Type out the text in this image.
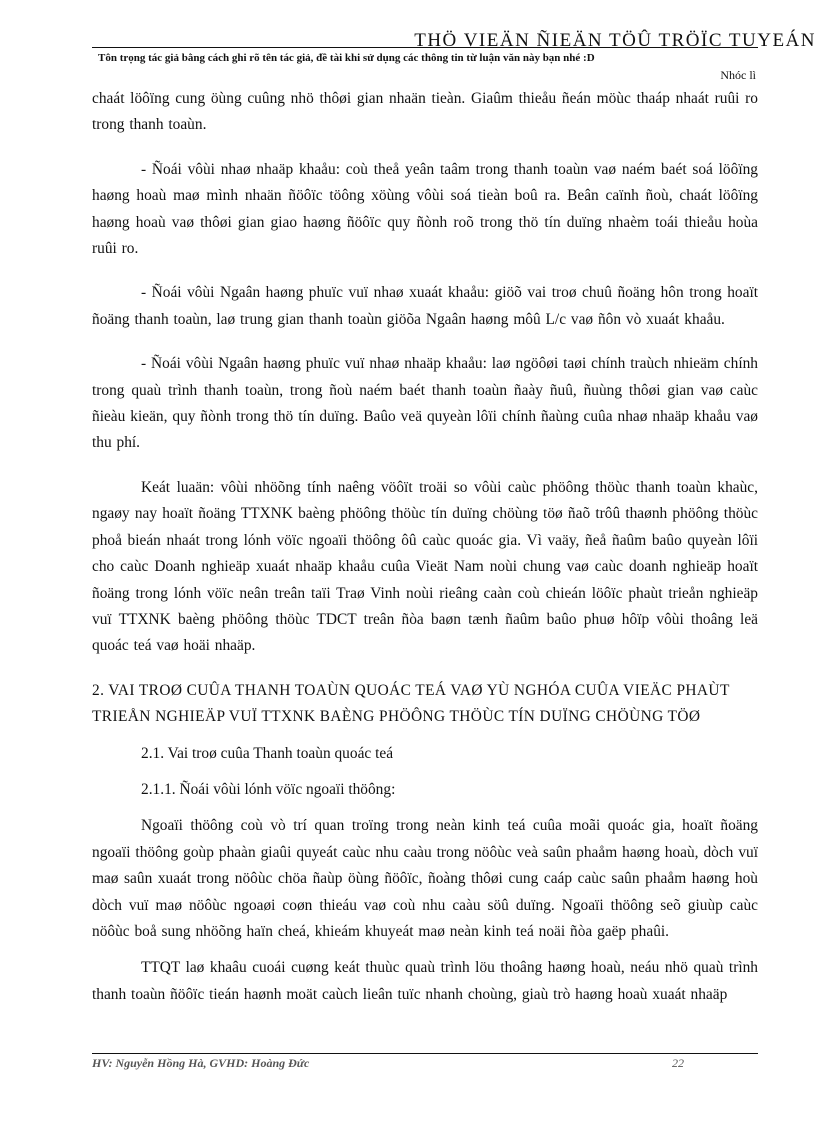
THÖ VIEÄN ÑIEÄN TÖÛ TRÖÏC TUYEÁN
Tôn trọng tác giả bằng cách ghi rõ tên tác giả, đề tài khi sử dụng các thông tin từ luận văn này bạn nhé :D
Nhóc lì

chaát löôïng cung öùng cuûng nhö thôøi gian nhaän tieàn. Giaûm thieåu ñeán möùc thaáp nhaát ruûi ro trong thanh toaùn.

- Ñoái vôùi nhaø nhaäp khaåu: coù theå yeân taâm trong thanh toaùn vaø naém baét soá löôïng haøng hoaù maø mình nhaän ñöôïc töông xöùng vôùi soá tieàn boû ra. Beân caïnh ñoù, chaát löôïng haøng hoaù vaø thôøi gian giao haøng ñöôïc quy ñònh roõ trong thö tín duïng nhaèm toái thieåu hoùa ruûi ro.

- Ñoái vôùi Ngaân haøng phuïc vuï nhaø xuaát khaåu: giöõ vai troø chuû ñoäng hôn trong hoaït ñoäng thanh toaùn, laø trung gian thanh toaùn giöõa Ngaân haøng môû L/c vaø ñôn vò xuaát khaåu.

- Ñoái vôùi Ngaân haøng phuïc vuï nhaø nhaäp khaåu: laø ngöôøi taøi chính traùch nhieäm chính trong quaù trình thanh toaùn, trong ñoù naém baét thanh toaùn ñaày ñuû, ñuùng thôøi gian vaø caùc ñieàu kieän, quy ñònh trong thö tín duïng. Baûo veä quyeàn lôïi chính ñaùng cuûa nhaø nhaäp khaåu vaø thu phí.

Keát luaän: vôùi nhöõng tính naêng vöôït troäi so vôùi caùc phöông thöùc thanh toaùn khaùc, ngaøy nay hoaït ñoäng TTXNK baèng phöông thöùc tín duïng chöùng töø ñaõ trôû thaønh phöông thöùc phoå bieán nhaát trong lónh vöïc ngoaïi thöông ôû caùc quoác gia. Vì vaäy, ñeå ñaûm baûo quyeàn lôïi cho caùc Doanh nghieäp xuaát nhaäp khaåu cuûa Vieät Nam noùi chung vaø caùc doanh nghieäp hoaït ñoäng trong lónh vöïc neân treân taïi Traø Vinh noùi rieâng caàn coù chieán löôïc phaùt trieån nghieäp vuï TTXNK baèng phöông thöùc TDCT treân ñòa baøn tænh ñaûm baûo phuø hôïp vôùi thoâng leä quoác teá vaø hoäi nhaäp.

2. VAI TROØ CUÛA THANH TOAÙN QUOÁC TEÁ VAØ YÙ NGHÓA CUÛA VIEÄC PHAÙT TRIEÅN NGHIEÄP VUÏ TTXNK BAÈNG PHÖÔNG THÖÙC TÍN DUÏNG CHÖÙNG TÖØ

2.1. Vai troø cuûa Thanh toaùn quoác teá

2.1.1. Ñoái vôùi lónh vöïc ngoaïi thöông:

Ngoaïi thöông coù vò trí quan troïng trong neàn kinh teá cuûa moãi quoác gia, hoaït ñoäng ngoaïi thöông goùp phaàn giaûi quyeát caùc nhu caàu trong nöôùc veà saûn phaåm haøng hoaù, dòch vuï maø saûn xuaát trong nöôùc chöa ñaùp öùng ñöôïc, ñoàng thôøi cung caáp caùc saûn phaåm haøng hoù dòch vuï maø nöôùc ngoaøi coøn thieáu vaø coù nhu caàu söû duïng. Ngoaïi thöông seõ giuùp caùc nöôùc boå sung nhöõng haïn cheá, khieám khuyeát maø neàn kinh teá noäi ñòa gaëp phaûi.

TTQT laø khaâu cuoái cuøng keát thuùc quaù trình löu thoâng haøng hoaù, neáu nhö quaù trình thanh toaùn ñöôïc tieán haønh moät caùch lieân tuïc nhanh choùng, giaù trò haøng hoaù xuaát nhaäp

HV: Nguyễn Hồng Hà, GVHD: Hoàng Đức	22
